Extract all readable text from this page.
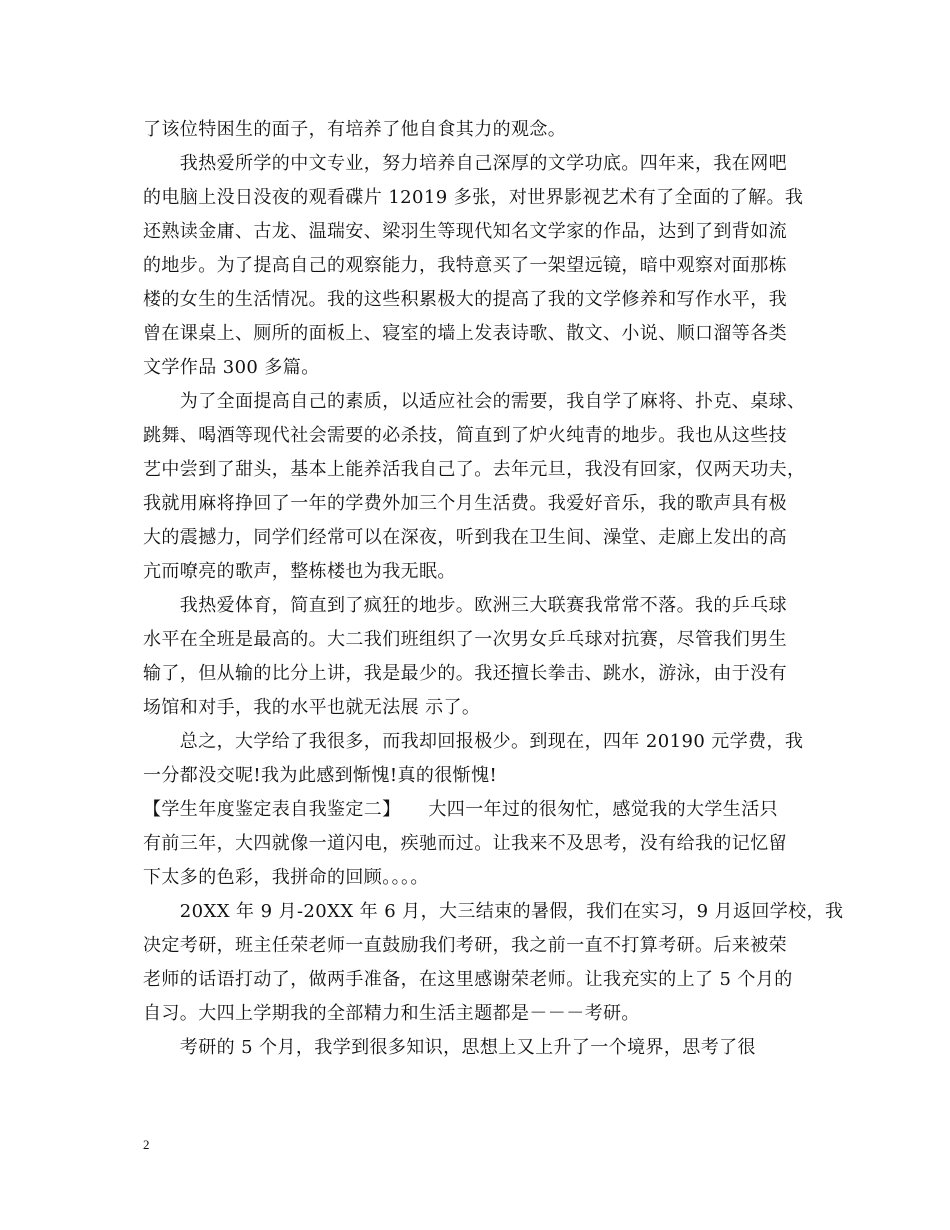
了该位特困生的面子，有培养了他自食其力的观念。
　　我热爱所学的中文专业，努力培养自己深厚的文学功底。四年来，我在网吧
的电脑上没日没夜的观看碟片 12019 多张，对世界影视艺术有了全面的了解。我
还熟读金庸、古龙、温瑞安、梁羽生等现代知名文学家的作品，达到了到背如流
的地步。为了提高自己的观察能力，我特意买了一架望远镜，暗中观察对面那栋
楼的女生的生活情况。我的这些积累极大的提高了我的文学修养和写作水平，我
曾在课桌上、厕所的面板上、寝室的墙上发表诗歌、散文、小说、顺口溜等各类
文学作品 300 多篇。
　　为了全面提高自己的素质，以适应社会的需要，我自学了麻将、扑克、桌球、
跳舞、喝酒等现代社会需要的必杀技，简直到了炉火纯青的地步。我也从这些技
艺中尝到了甜头，基本上能养活我自己了。去年元旦，我没有回家，仅两天功夫，
我就用麻将挣回了一年的学费外加三个月生活费。我爱好音乐，我的歌声具有极
大的震撼力，同学们经常可以在深夜，听到我在卫生间、澡堂、走廊上发出的高
亢而嘹亮的歌声，整栋楼也为我无眠。
　　我热爱体育，简直到了疯狂的地步。欧洲三大联赛我常常不落。我的乒乓球
水平在全班是最高的。大二我们班组织了一次男女乒乓球对抗赛，尽管我们男生
输了，但从输的比分上讲，我是最少的。我还擅长拳击、跳水，游泳，由于没有
场馆和对手，我的水平也就无法展 示了。
　　总之，大学给了我很多，而我却回报极少。到现在，四年 20190 元学费，我
一分都没交呢!我为此感到惭愧!真的很惭愧!
【学生年度鉴定表自我鉴定二】　　大四一年过的很匆忙，感觉我的大学生活只
有前三年，大四就像一道闪电，疾驰而过。让我来不及思考，没有给我的记忆留
下太多的色彩，我拼命的回顾。。。。
　　20XX 年 9 月-20XX 年 6 月，大三结束的暑假，我们在实习，9 月返回学校，我
决定考研，班主任荣老师一直鼓励我们考研，我之前一直不打算考研。后来被荣
老师的话语打动了，做两手准备，在这里感谢荣老师。让我充实的上了 5 个月的
自习。大四上学期我的全部精力和生活主题都是－－－考研。
　　考研的 5 个月，我学到很多知识，思想上又上升了一个境界，思考了很
2
